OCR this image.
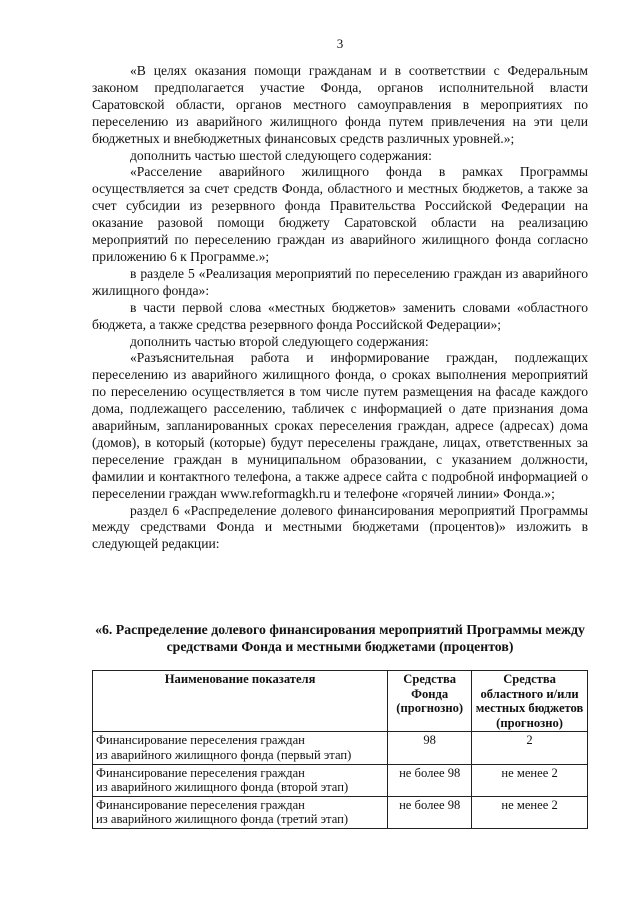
3

«В целях оказания помощи гражданам и в соответствии с Федеральным законом предполагается участие Фонда, органов исполнительной власти Саратовской области, органов местного самоуправления в мероприятиях по переселению из аварийного жилищного фонда путем привлечения на эти цели бюджетных и внебюджетных финансовых средств различных уровней.»;

дополнить частью шестой следующего содержания:

«Расселение аварийного жилищного фонда в рамках Программы осуществляется за счет средств Фонда, областного и местных бюджетов, а также за счет субсидии из резервного фонда Правительства Российской Федерации на оказание разовой помощи бюджету Саратовской области на реализацию мероприятий по переселению граждан из аварийного жилищного фонда согласно приложению 6 к Программе.»;

в разделе 5 «Реализация мероприятий по переселению граждан из аварийного жилищного фонда»:

в части первой слова «местных бюджетов» заменить словами «областного бюджета, а также средства резервного фонда Российской Федерации»;

дополнить частью второй следующего содержания:

«Разъяснительная работа и информирование граждан, подлежащих переселению из аварийного жилищного фонда, о сроках выполнения мероприятий по переселению осуществляется в том числе путем размещения на фасаде каждого дома, подлежащего расселению, табличек с информацией о дате признания дома аварийным, запланированных сроках переселения граждан, адресе (адресах) дома (домов), в который (которые) будут переселены граждане, лицах, ответственных за переселение граждан в муниципальном образовании, с указанием должности, фамилии и контактного телефона, а также адресе сайта с подробной информацией о переселении граждан www.reformagkh.ru и телефоне «горячей линии» Фонда.»;

раздел 6 «Распределение долевого финансирования мероприятий Программы между средствами Фонда и местными бюджетами (процентов)» изложить в следующей редакции:

«6. Распределение долевого финансирования мероприятий Программы между средствами Фонда и местными бюджетами (процентов)
Наименование показателя	Средства Фонда (прогнозно)	Средства областного и/или местных бюджетов (прогнозно)
Финансирование переселения граждан
из аварийного жилищного фонда (первый этап)	98	2
Финансирование переселения граждан
из аварийного жилищного фонда (второй этап)	не более 98	не менее 2
Финансирование переселения граждан
из аварийного жилищного фонда (третий этап)	не более 98	не менее 2
